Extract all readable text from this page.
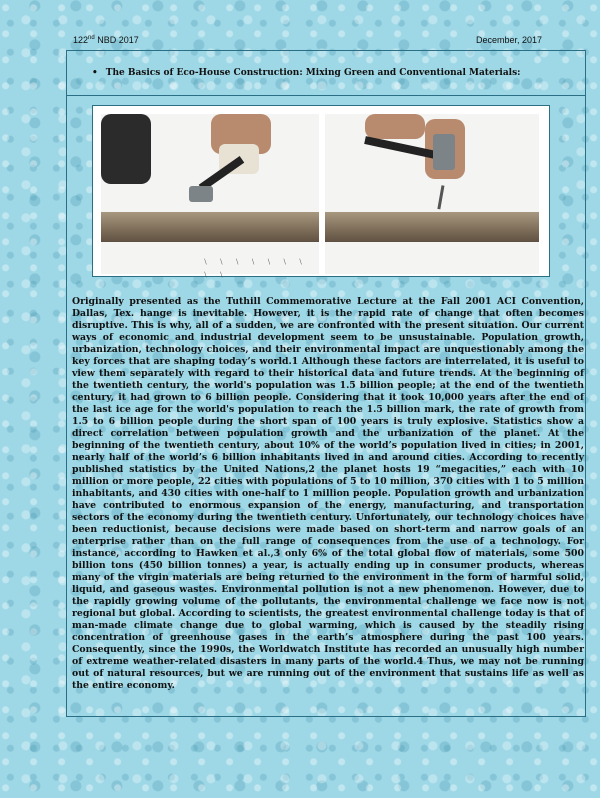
122nd NBD 2017	December, 2017
• The Basics of Eco-House Construction: Mixing Green and Conventional Materials:
﹨ ﹨ ﹨ ﹨ ﹨ ﹨ ﹨ ﹨ ﹨

Originally presented as the Tuthill Commemorative Lecture at the Fall 2001 ACI Convention, Dallas, Tex. hange is inevitable. However, it is the rapid rate of change that often becomes disruptive. This is why, all of a sudden, we are confronted with the present situation. Our current ways of economic and industrial development seem to be unsustainable. Population growth, urbanization, technology choices, and their environmental impact are unquestionably among the key forces that are shaping today’s world.1 Although these factors are interrelated, it is useful to view them separately with regard to their historical data and future trends. At the beginning of the twentieth century, the world's population was 1.5 billion people; at the end of the twentieth century, it had grown to 6 billion people. Considering that it took 10,000 years after the end of the last ice age for the world's population to reach the 1.5 billion mark, the rate of growth from 1.5 to 6 billion people during the short span of 100 years is truly explosive. Statistics show a direct correlation between population growth and the urbanization of the planet. At the beginning of the twentieth century, about 10% of the world’s population lived in cities; in 2001, nearly half of the world’s 6 billion inhabitants lived in and around cities. According to recently published statistics by the United Nations,2 the planet hosts 19 “megacities,” each with 10 million or more people, 22 cities with populations of 5 to 10 million, 370 cities with 1 to 5 million inhabitants, and 430 cities with one-half to 1 million people. Population growth and urbanization have contributed to enormous expansion of the energy, manufacturing, and transportation sectors of the economy during the twentieth century. Unfortunately, our technology choices have been reductionist, because decisions were made based on short-term and narrow goals of an enterprise rather than on the full range of consequences from the use of a technology. For instance, according to Hawken et al.,3 only 6% of the total global flow of materials, some 500 billion tons (450 billion tonnes) a year, is actually ending up in consumer products, whereas many of the virgin materials are being returned to the environment in the form of harmful solid, liquid, and gaseous wastes. Environmental pollution is not a new phenomenon. However, due to the rapidly growing volume of the pollutants, the environmental challenge we face now is not regional but global. According to scientists, the greatest environmental challenge today is that of man-made climate change due to global warming, which is caused by the steadily rising concentration of greenhouse gases in the earth’s atmosphere during the past 100 years. Consequently, since the 1990s, the Worldwatch Institute has recorded an unusually high number of extreme weather-related disasters in many parts of the world.4 Thus, we may not be running out of natural resources, but we are running out of the environment that sustains life as well as the entire economy.
